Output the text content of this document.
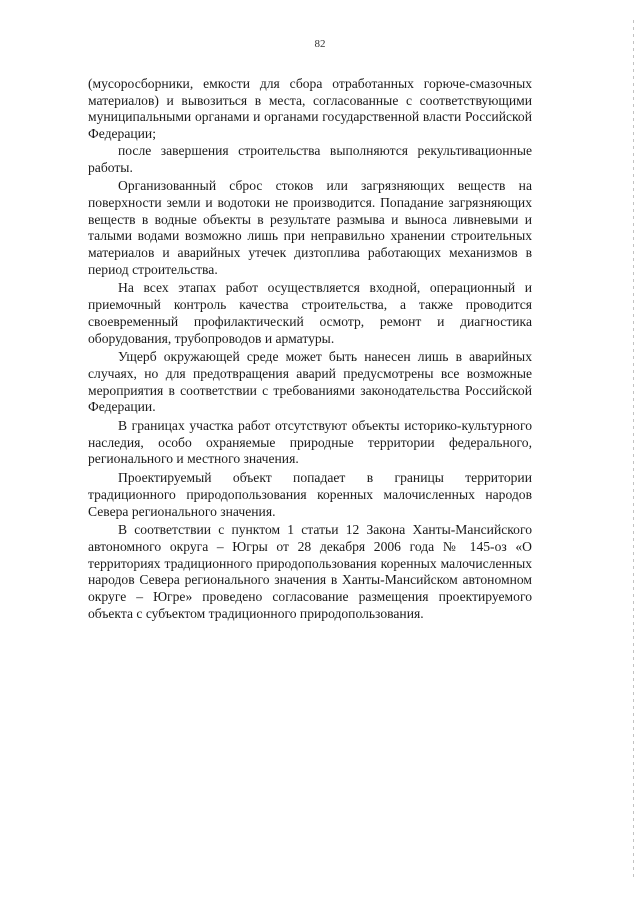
82

(мусоросборники, емкости для сбора отработанных горюче-смазочных материалов) и вывозиться в места, согласованные с соответствующими муниципальными органами и органами государственной власти Российской Федерации;

после завершения строительства выполняются рекультивационные работы.

Организованный сброс стоков или загрязняющих веществ на поверхности земли и водотоки не производится. Попадание загрязняющих веществ в водные объекты в результате размыва и выноса ливневыми и талыми водами возможно лишь при неправильно хранении строительных материалов и аварийных утечек дизтоплива работающих механизмов в период строительства.

На всех этапах работ осуществляется входной, операционный и приемочный контроль качества строительства, а также проводится своевременный профилактический осмотр, ремонт и диагностика оборудования, трубопроводов и арматуры.

Ущерб окружающей среде может быть нанесен лишь в аварийных случаях, но для предотвращения аварий предусмотрены все возможные мероприятия в соответствии с требованиями законодательства Российской Федерации.

В границах участка работ отсутствуют объекты историко-культурного наследия, особо охраняемые природные территории федерального, регионального и местного значения.

Проектируемый объект попадает в границы территории традиционного природопользования коренных малочисленных народов Севера регионального значения.

В соответствии с пунктом 1 статьи 12 Закона Ханты-Мансийского автономного округа – Югры от 28 декабря 2006 года № 145-оз «О территориях традиционного природопользования коренных малочисленных народов Севера регионального значения в Ханты-Мансийском автономном округе – Югре» проведено согласование размещения проектируемого объекта с субъектом традиционного природопользования.
